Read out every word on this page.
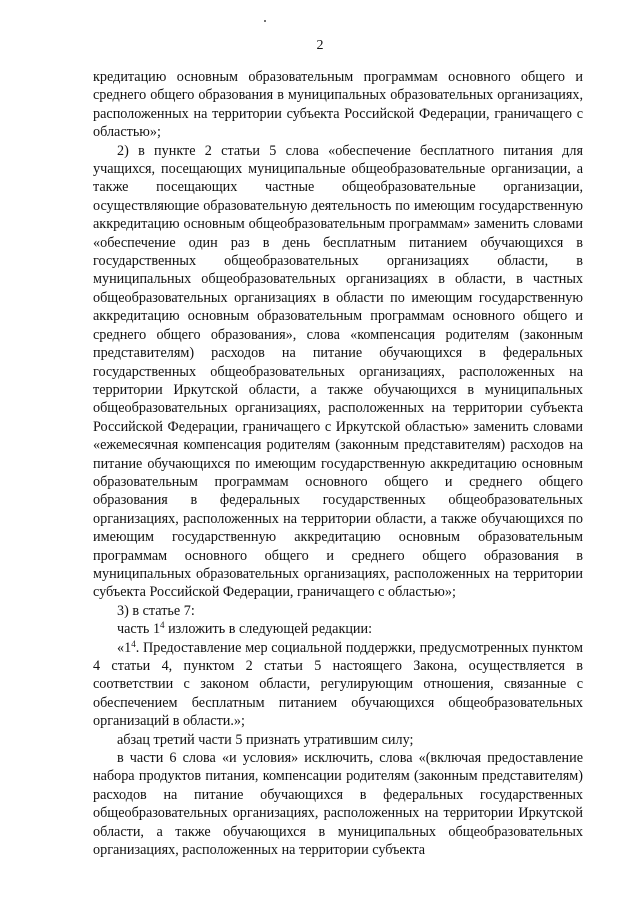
2

кредитацию основным образовательным программам основного общего и среднего общего образования в муниципальных образовательных организациях, расположенных на территории субъекта Российской Федерации, граничащего с областью»;

2) в пункте 2 статьи 5 слова «обеспечение бесплатного питания для учащихся, посещающих муниципальные общеобразовательные организации, а также посещающих частные общеобразовательные организации, осуществляющие образовательную деятельность по имеющим государственную аккредитацию основным общеобразовательным программам» заменить словами «обеспечение один раз в день бесплатным питанием обучающихся в государственных общеобразовательных организациях области, в муниципальных общеобразовательных организациях в области, в частных общеобразовательных организациях в области по имеющим государственную аккредитацию основным образовательным программам основного общего и среднего общего образования», слова «компенсация родителям (законным представителям) расходов на питание обучающихся в федеральных государственных общеобразовательных организациях, расположенных на территории Иркутской области, а также обучающихся в муниципальных общеобразовательных организациях, расположенных на территории субъекта Российской Федерации, граничащего с Иркутской областью» заменить словами «ежемесячная компенсация родителям (законным представителям) расходов на питание обучающихся по имеющим государственную аккредитацию основным образовательным программам основного общего и среднего общего образования в федеральных государственных общеобразовательных организациях, расположенных на территории области, а также обучающихся по имеющим государственную аккредитацию основным образовательным программам основного общего и среднего общего образования в муниципальных образовательных организациях, расположенных на территории субъекта Российской Федерации, граничащего с областью»;

3) в статье 7:

часть $1^4$ изложить в следующей редакции:

«$1^4$. Предоставление мер социальной поддержки, предусмотренных пунктом 4 статьи 4, пунктом 2 статьи 5 настоящего Закона, осуществляется в соответствии с законом области, регулирующим отношения, связанные с обеспечением бесплатным питанием обучающихся общеобразовательных организаций в области.»;

абзац третий части 5 признать утратившим силу;

в части 6 слова «и условия» исключить, слова «(включая предоставление набора продуктов питания, компенсации родителям (законным представителям) расходов на питание обучающихся в федеральных государственных общеобразовательных организациях, расположенных на территории Иркутской области, а также обучающихся в муниципальных общеобразовательных организациях, расположенных на территории субъекта
